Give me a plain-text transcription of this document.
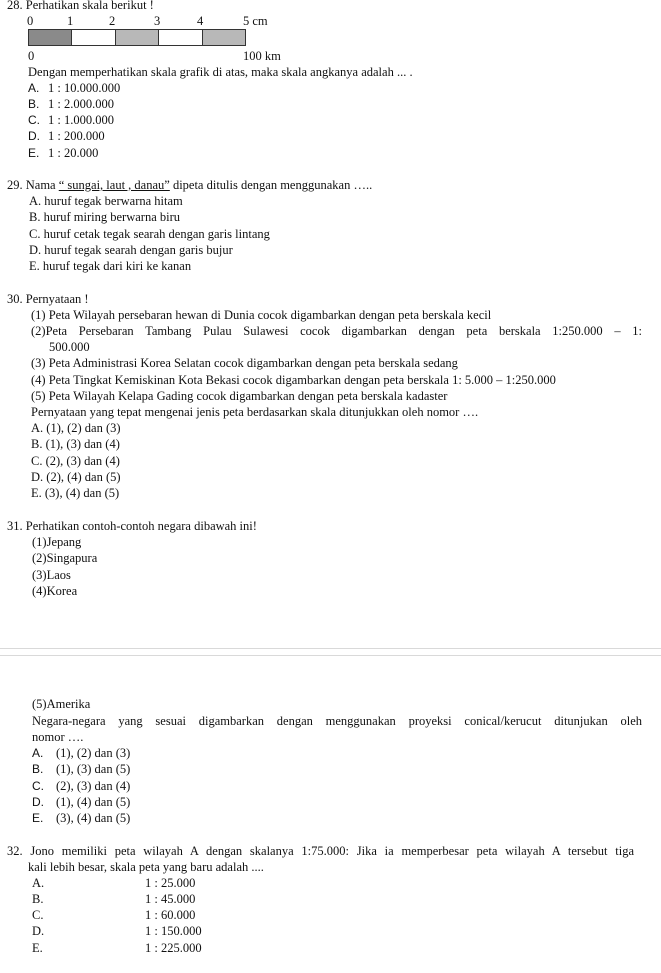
28. Perhatikan skala berikut !
0	1	2	3	4	5 cm
0	100 km
Dengan memperhatikan skala grafik di atas, maka skala angkanya adalah ... .
A. 1 : 10.000.000
B. 1 : 2.000.000
C. 1 : 1.000.000
D. 1 : 200.000
E. 1 : 20.000
29. Nama “ sungai, laut , danau” dipeta ditulis dengan menggunakan …..
A. huruf tegak berwarna hitam
B. huruf miring berwarna biru
C. huruf cetak tegak searah dengan garis lintang
D. huruf tegak searah dengan garis bujur
E. huruf tegak dari kiri ke kanan
30. Pernyataan !
(1) Peta Wilayah persebaran hewan di Dunia cocok digambarkan dengan peta berskala kecil
(2)Peta Persebaran Tambang Pulau Sulawesi cocok digambarkan dengan peta berskala 1:250.000 – 1:
500.000
(3) Peta Administrasi Korea Selatan cocok digambarkan dengan peta berskala sedang
(4) Peta Tingkat Kemiskinan Kota Bekasi cocok digambarkan dengan peta berskala 1: 5.000 – 1:250.000
(5) Peta Wilayah Kelapa Gading cocok digambarkan dengan peta berskala kadaster
Pernyataan yang tepat mengenai jenis peta berdasarkan skala ditunjukkan oleh nomor ….
A. (1), (2) dan (3)
B. (1), (3) dan (4)
C. (2), (3) dan (4)
D. (2), (4) dan (5)
E. (3), (4) dan (5)
31. Perhatikan contoh-contoh negara dibawah ini!
(1)Jepang
(2)Singapura
(3)Laos
(4)Korea
(5)Amerika
Negara-negara yang sesuai digambarkan dengan menggunakan proyeksi conical/kerucut ditunjukan oleh
nomor ….
A. (1), (2) dan (3)
B. (1), (3) dan (5)
C. (2), (3) dan (4)
D. (1), (4) dan (5)
E. (3), (4) dan (5)
32. Jono memiliki peta wilayah A dengan skalanya 1:75.000: Jika ia memperbesar peta wilayah A tersebut tiga
kali lebih besar, skala peta yang baru adalah ....
A.	1 : 25.000
B.	1 : 45.000
C.	1 : 60.000
D.	1 : 150.000
E.	1 : 225.000
